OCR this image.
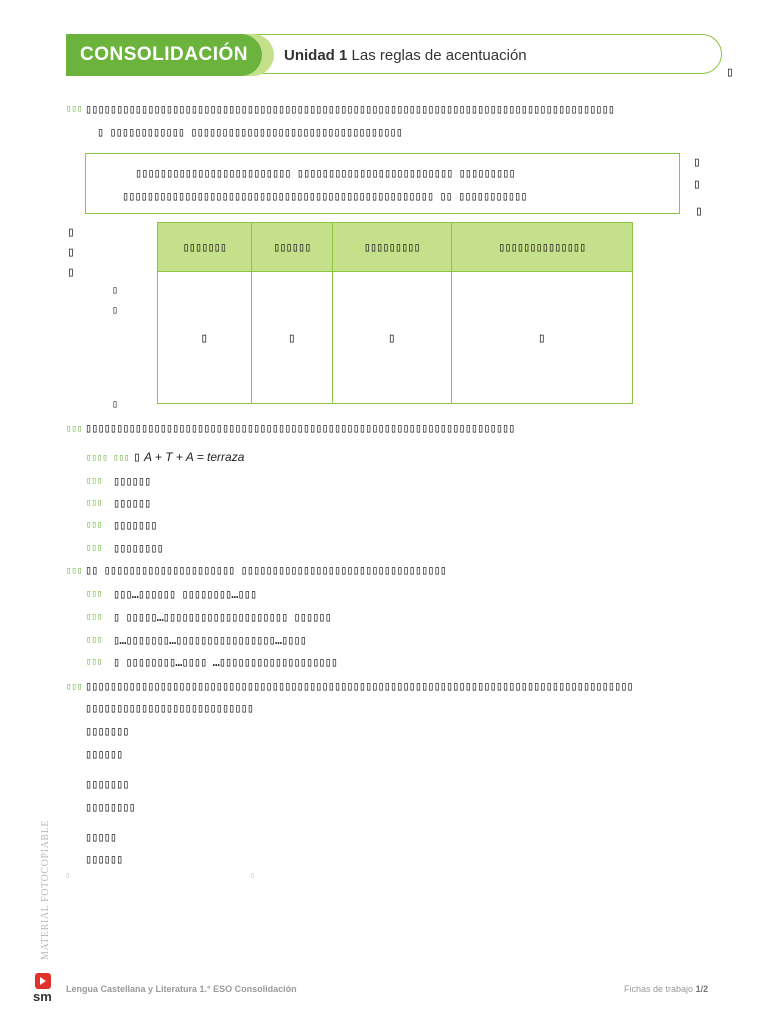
CONSOLIDACIÓN Unidad 1 Las reglas de acentuación
▯
▯▯▯ ▯▯▯▯▯▯▯▯▯▯▯▯▯▯▯▯▯▯▯▯▯▯▯▯▯▯▯▯▯▯▯▯▯▯▯▯▯▯▯▯▯▯▯▯▯▯▯▯▯▯▯▯▯▯▯▯▯▯▯▯▯▯▯▯▯▯▯▯▯▯▯▯▯▯▯▯▯▯▯▯▯▯▯▯▯
▯ ▯▯▯▯▯▯▯▯▯▯▯▯ ▯▯▯▯▯▯▯▯▯▯▯▯▯▯▯▯▯▯▯▯▯▯▯▯▯▯▯▯▯▯▯▯▯▯
▯▯▯▯▯▯▯▯▯▯▯▯▯▯▯▯▯▯▯▯▯▯▯▯▯ ▯▯▯▯▯▯▯▯▯▯▯▯▯▯▯▯▯▯▯▯▯▯▯▯▯ ▯▯▯▯▯▯▯▯▯
▯▯▯▯▯▯▯▯▯▯▯▯▯▯▯▯▯▯▯▯▯▯▯▯▯▯▯▯▯▯▯▯▯▯▯▯▯▯▯▯▯▯▯▯▯▯▯▯▯▯ ▯▯ ▯▯▯▯▯▯▯▯▯▯▯
▯
▯
▯
▯
▯
▯
▯
▯
▯
▯▯▯▯▯▯▯	▯▯▯▯▯▯	▯▯▯▯▯▯▯▯▯	▯▯▯▯▯▯▯▯▯▯▯▯▯▯
▯	▯	▯	▯
▯▯▯ ▯▯▯▯▯▯▯▯▯▯▯▯▯▯▯▯▯▯▯▯▯▯▯▯▯▯▯▯▯▯▯▯▯▯▯▯▯▯▯▯▯▯▯▯▯▯▯▯▯▯▯▯▯▯▯▯▯▯▯▯▯▯▯▯▯▯▯▯▯
▯▯▯▯ ▯▯▯ ▯ A + T + A = terraza
▯▯▯ ▯▯▯▯▯▯
▯▯▯ ▯▯▯▯▯▯
▯▯▯ ▯▯▯▯▯▯▯
▯▯▯ ▯▯▯▯▯▯▯▯
▯▯▯ ▯▯ ▯▯▯▯▯▯▯▯▯▯▯▯▯▯▯▯▯▯▯▯▯ ▯▯▯▯▯▯▯▯▯▯▯▯▯▯▯▯▯▯▯▯▯▯▯▯▯▯▯▯▯▯▯▯▯
▯▯▯ ▯▯▯…▯▯▯▯▯▯ ▯▯▯▯▯▯▯▯…▯▯▯
▯▯▯ ▯ ▯▯▯▯▯…▯▯▯▯▯▯▯▯▯▯▯▯▯▯▯▯▯▯▯▯ ▯▯▯▯▯▯
▯▯▯ ▯…▯▯▯▯▯▯▯…▯▯▯▯▯▯▯▯▯▯▯▯▯▯▯▯…▯▯▯▯
▯▯▯ ▯ ▯▯▯▯▯▯▯▯…▯▯▯▯ …▯▯▯▯▯▯▯▯▯▯▯▯▯▯▯▯▯▯▯
▯▯▯ ▯▯▯▯▯▯▯▯▯▯▯▯▯▯▯▯▯▯▯▯▯▯▯▯▯▯▯▯▯▯▯▯▯▯▯▯▯▯▯▯▯▯▯▯▯▯▯▯▯▯▯▯▯▯▯▯▯▯▯▯▯▯▯▯▯▯▯▯▯▯▯▯▯▯▯▯▯▯▯▯▯▯▯▯▯▯▯▯
▯▯▯▯▯▯▯▯▯▯▯▯▯▯▯▯▯▯▯▯▯▯▯▯▯▯▯
▯▯▯▯▯▯▯
▯▯▯▯▯▯
▯▯▯▯▯▯▯
▯▯▯▯▯▯▯▯
▯▯▯▯▯
▯▯▯▯▯▯
▯	▯
MATERIAL FOTOCOPIABLE
sm Lengua Castellana y Literatura 1.° ESO Consolidación	Fichas de trabajo 1/2
